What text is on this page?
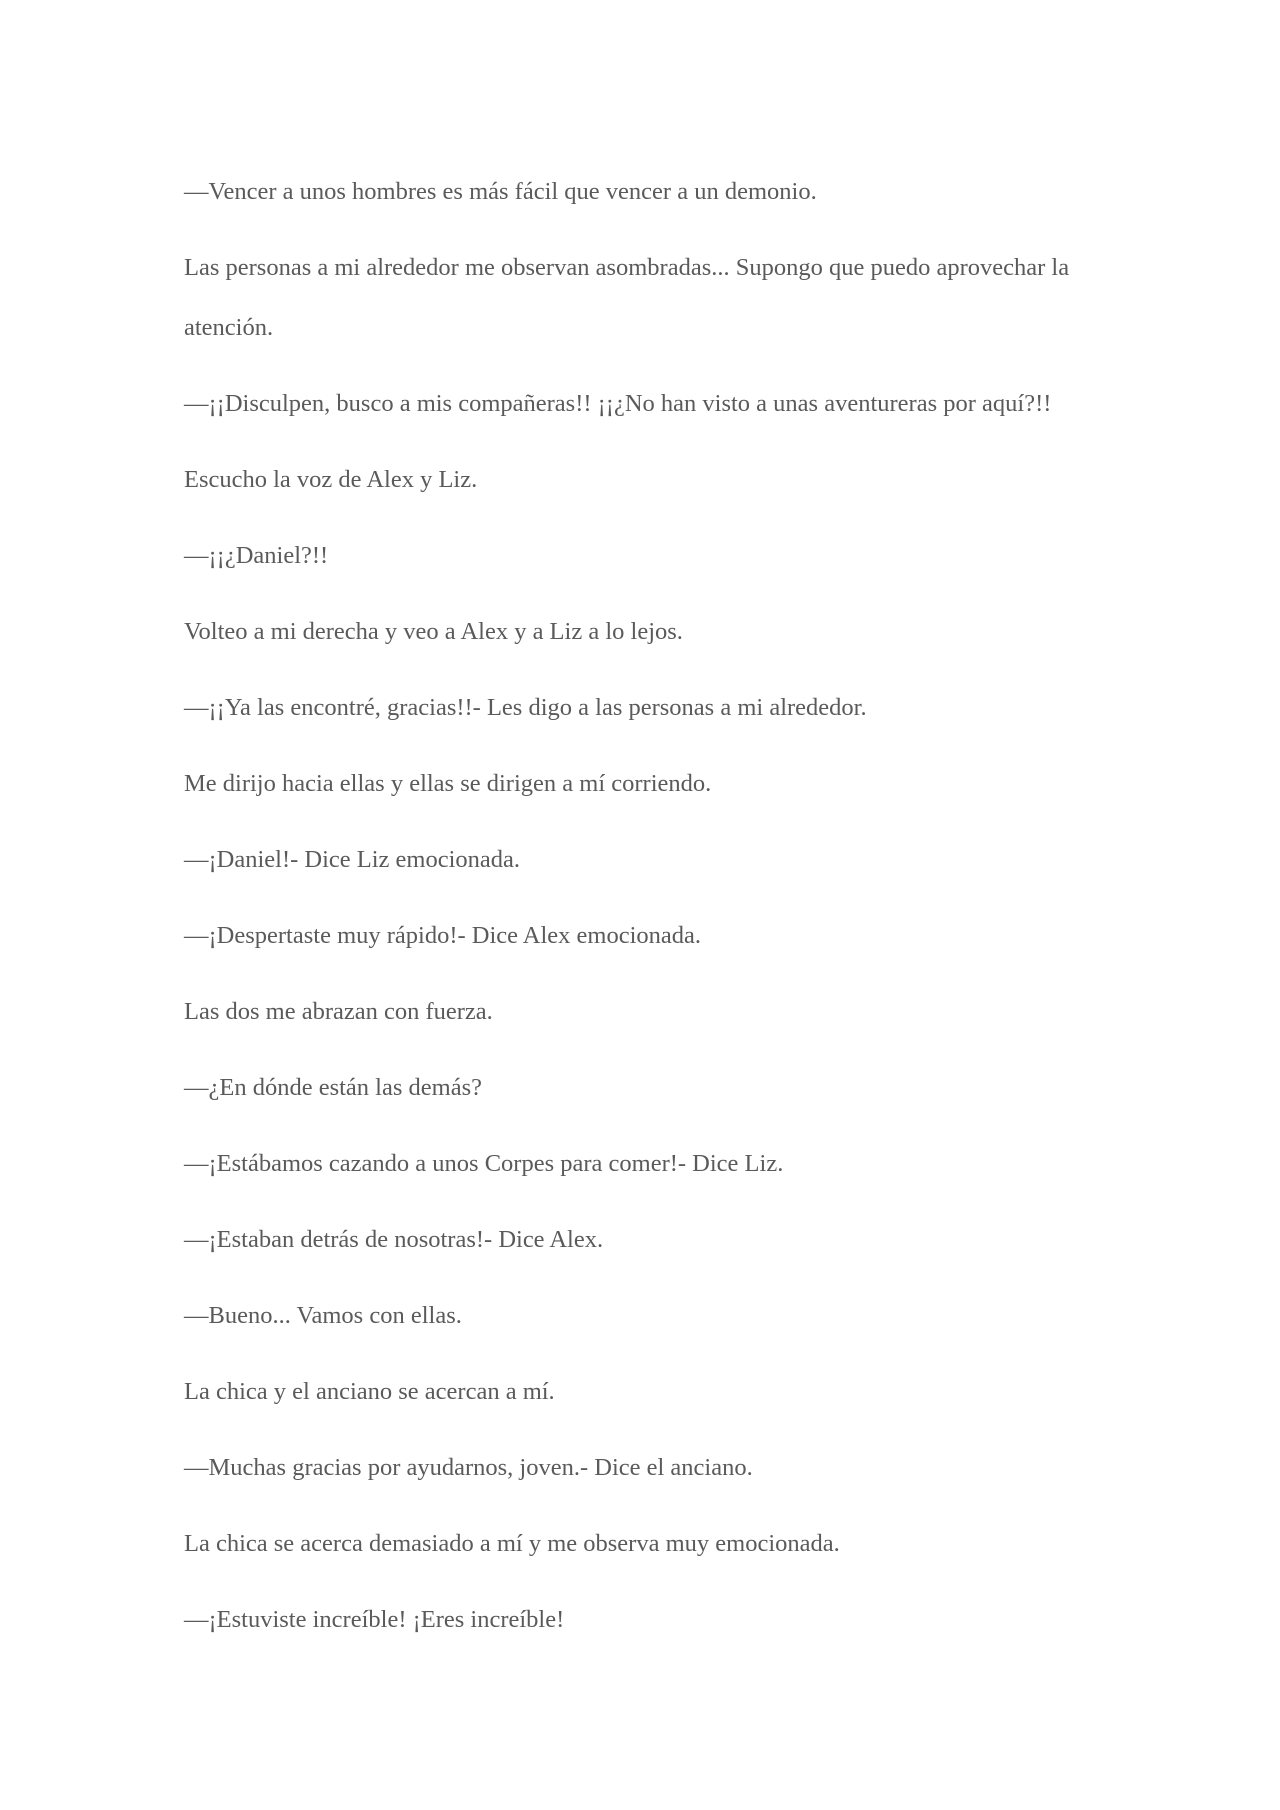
—Vencer a unos hombres es más fácil que vencer a un demonio.

Las personas a mi alrededor me observan asombradas... Supongo que puedo aprovechar la atención.

—¡¡Disculpen, busco a mis compañeras!! ¡¡¿No han visto a unas aventureras por aquí?!!

Escucho la voz de Alex y Liz.

—¡¡¿Daniel?!!

Volteo a mi derecha y veo a Alex y a Liz a lo lejos.

—¡¡Ya las encontré, gracias!!- Les digo a las personas a mi alrededor.

Me dirijo hacia ellas y ellas se dirigen a mí corriendo.

—¡Daniel!- Dice Liz emocionada.

—¡Despertaste muy rápido!- Dice Alex emocionada.

Las dos me abrazan con fuerza.

—¿En dónde están las demás?

—¡Estábamos cazando a unos Corpes para comer!- Dice Liz.

—¡Estaban detrás de nosotras!- Dice Alex.

—Bueno... Vamos con ellas.

La chica y el anciano se acercan a mí.

—Muchas gracias por ayudarnos, joven.- Dice el anciano.

La chica se acerca demasiado a mí y me observa muy emocionada.

—¡Estuviste increíble! ¡Eres increíble!
